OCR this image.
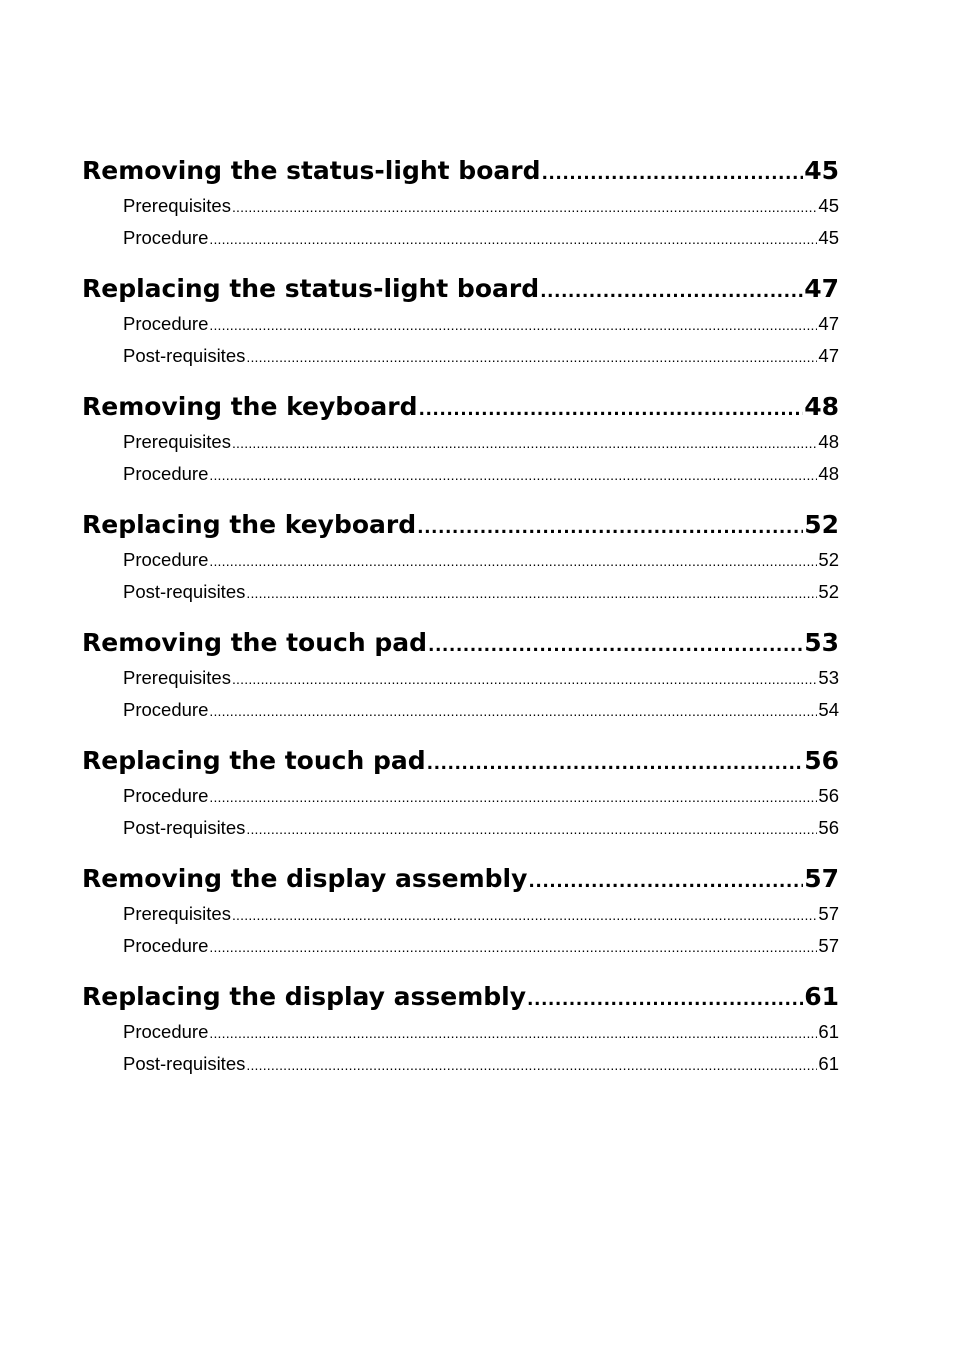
Removing the status-light board .....	45
Prerequisites .....	45
Procedure .....	45
Replacing the status-light board .....	47
Procedure .....	47
Post-requisites .....	47
Removing the keyboard .....	48
Prerequisites .....	48
Procedure .....	48
Replacing the keyboard .....	52
Procedure .....	52
Post-requisites .....	52
Removing the touch pad .....	53
Prerequisites .....	53
Procedure .....	54
Replacing the touch pad .....	56
Procedure .....	56
Post-requisites .....	56
Removing the display assembly .....	57
Prerequisites .....	57
Procedure .....	57
Replacing the display assembly .....	61
Procedure .....	61
Post-requisites .....	61
